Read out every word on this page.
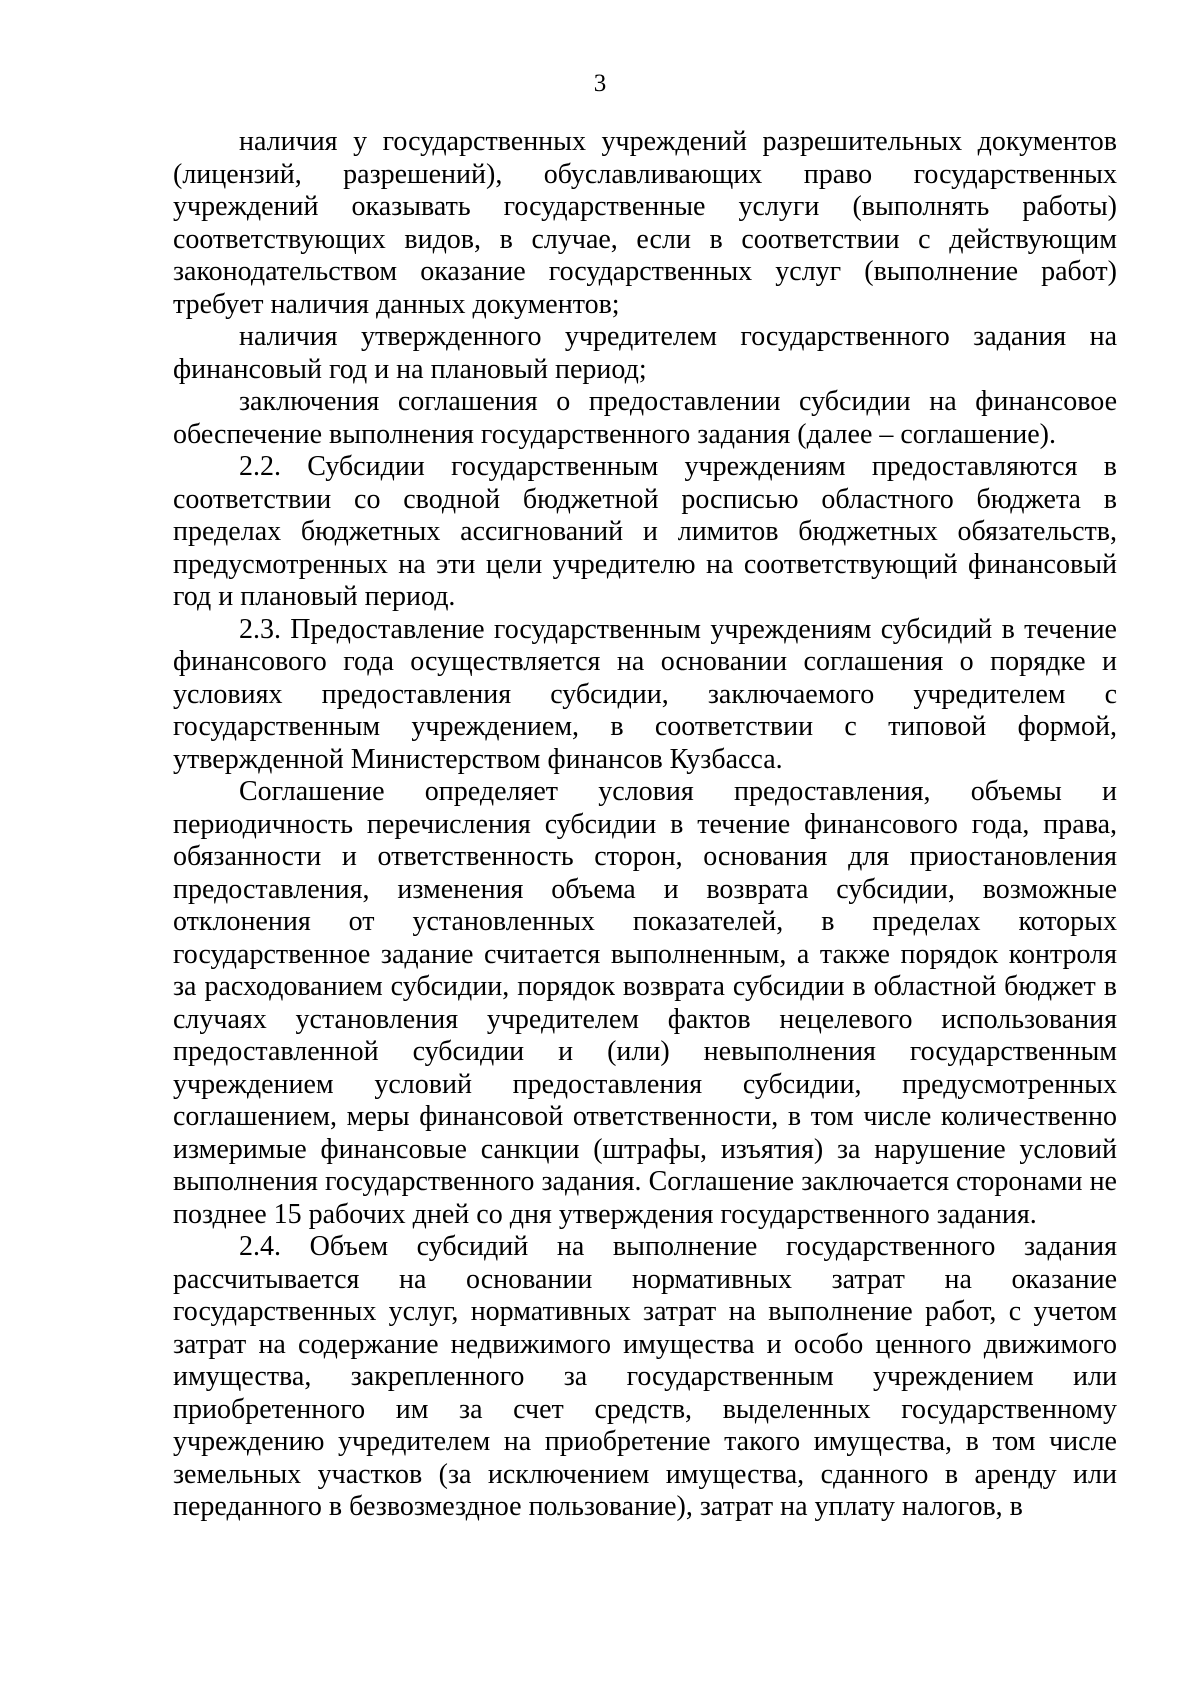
3

наличия у государственных учреждений разрешительных документов (лицензий, разрешений), обуславливающих право государственных учреждений оказывать государственные услуги (выполнять работы) соответствующих видов, в случае, если в соответствии с действующим законодательством оказание государственных услуг (выполнение работ) требует наличия данных документов;

наличия утвержденного учредителем государственного задания на финансовый год и на плановый период;

заключения соглашения о предоставлении субсидии на финансовое обеспечение выполнения государственного задания (далее – соглашение).

2.2. Субсидии государственным учреждениям предоставляются в соответствии со сводной бюджетной росписью областного бюджета в пределах бюджетных ассигнований и лимитов бюджетных обязательств, предусмотренных на эти цели учредителю на соответствующий финансовый год и плановый период.

2.3. Предоставление государственным учреждениям субсидий в течение финансового года осуществляется на основании соглашения о порядке и условиях предоставления субсидии, заключаемого учредителем с государственным учреждением, в соответствии с типовой формой, утвержденной Министерством финансов Кузбасса.

Соглашение определяет условия предоставления, объемы и периодичность перечисления субсидии в течение финансового года, права, обязанности и ответственность сторон, основания для приостановления предоставления, изменения объема и возврата субсидии, возможные отклонения от установленных показателей, в пределах которых государственное задание считается выполненным, а также порядок контроля за расходованием субсидии, порядок возврата субсидии в областной бюджет в случаях установления учредителем фактов нецелевого использования предоставленной субсидии и (или) невыполнения государственным учреждением условий предоставления субсидии, предусмотренных соглашением, меры финансовой ответственности, в том числе количественно измеримые финансовые санкции (штрафы, изъятия) за нарушение условий выполнения государственного задания. Соглашение заключается сторонами не позднее 15 рабочих дней со дня утверждения государственного задания.

2.4. Объем субсидий на выполнение государственного задания рассчитывается на основании нормативных затрат на оказание государственных услуг, нормативных затрат на выполнение работ, с учетом затрат на содержание недвижимого имущества и особо ценного движимого имущества, закрепленного за государственным учреждением или приобретенного им за счет средств, выделенных государственному учреждению учредителем на приобретение такого имущества, в том числе земельных участков (за исключением имущества, сданного в аренду или переданного в безвозмездное пользование), затрат на уплату налогов, в
